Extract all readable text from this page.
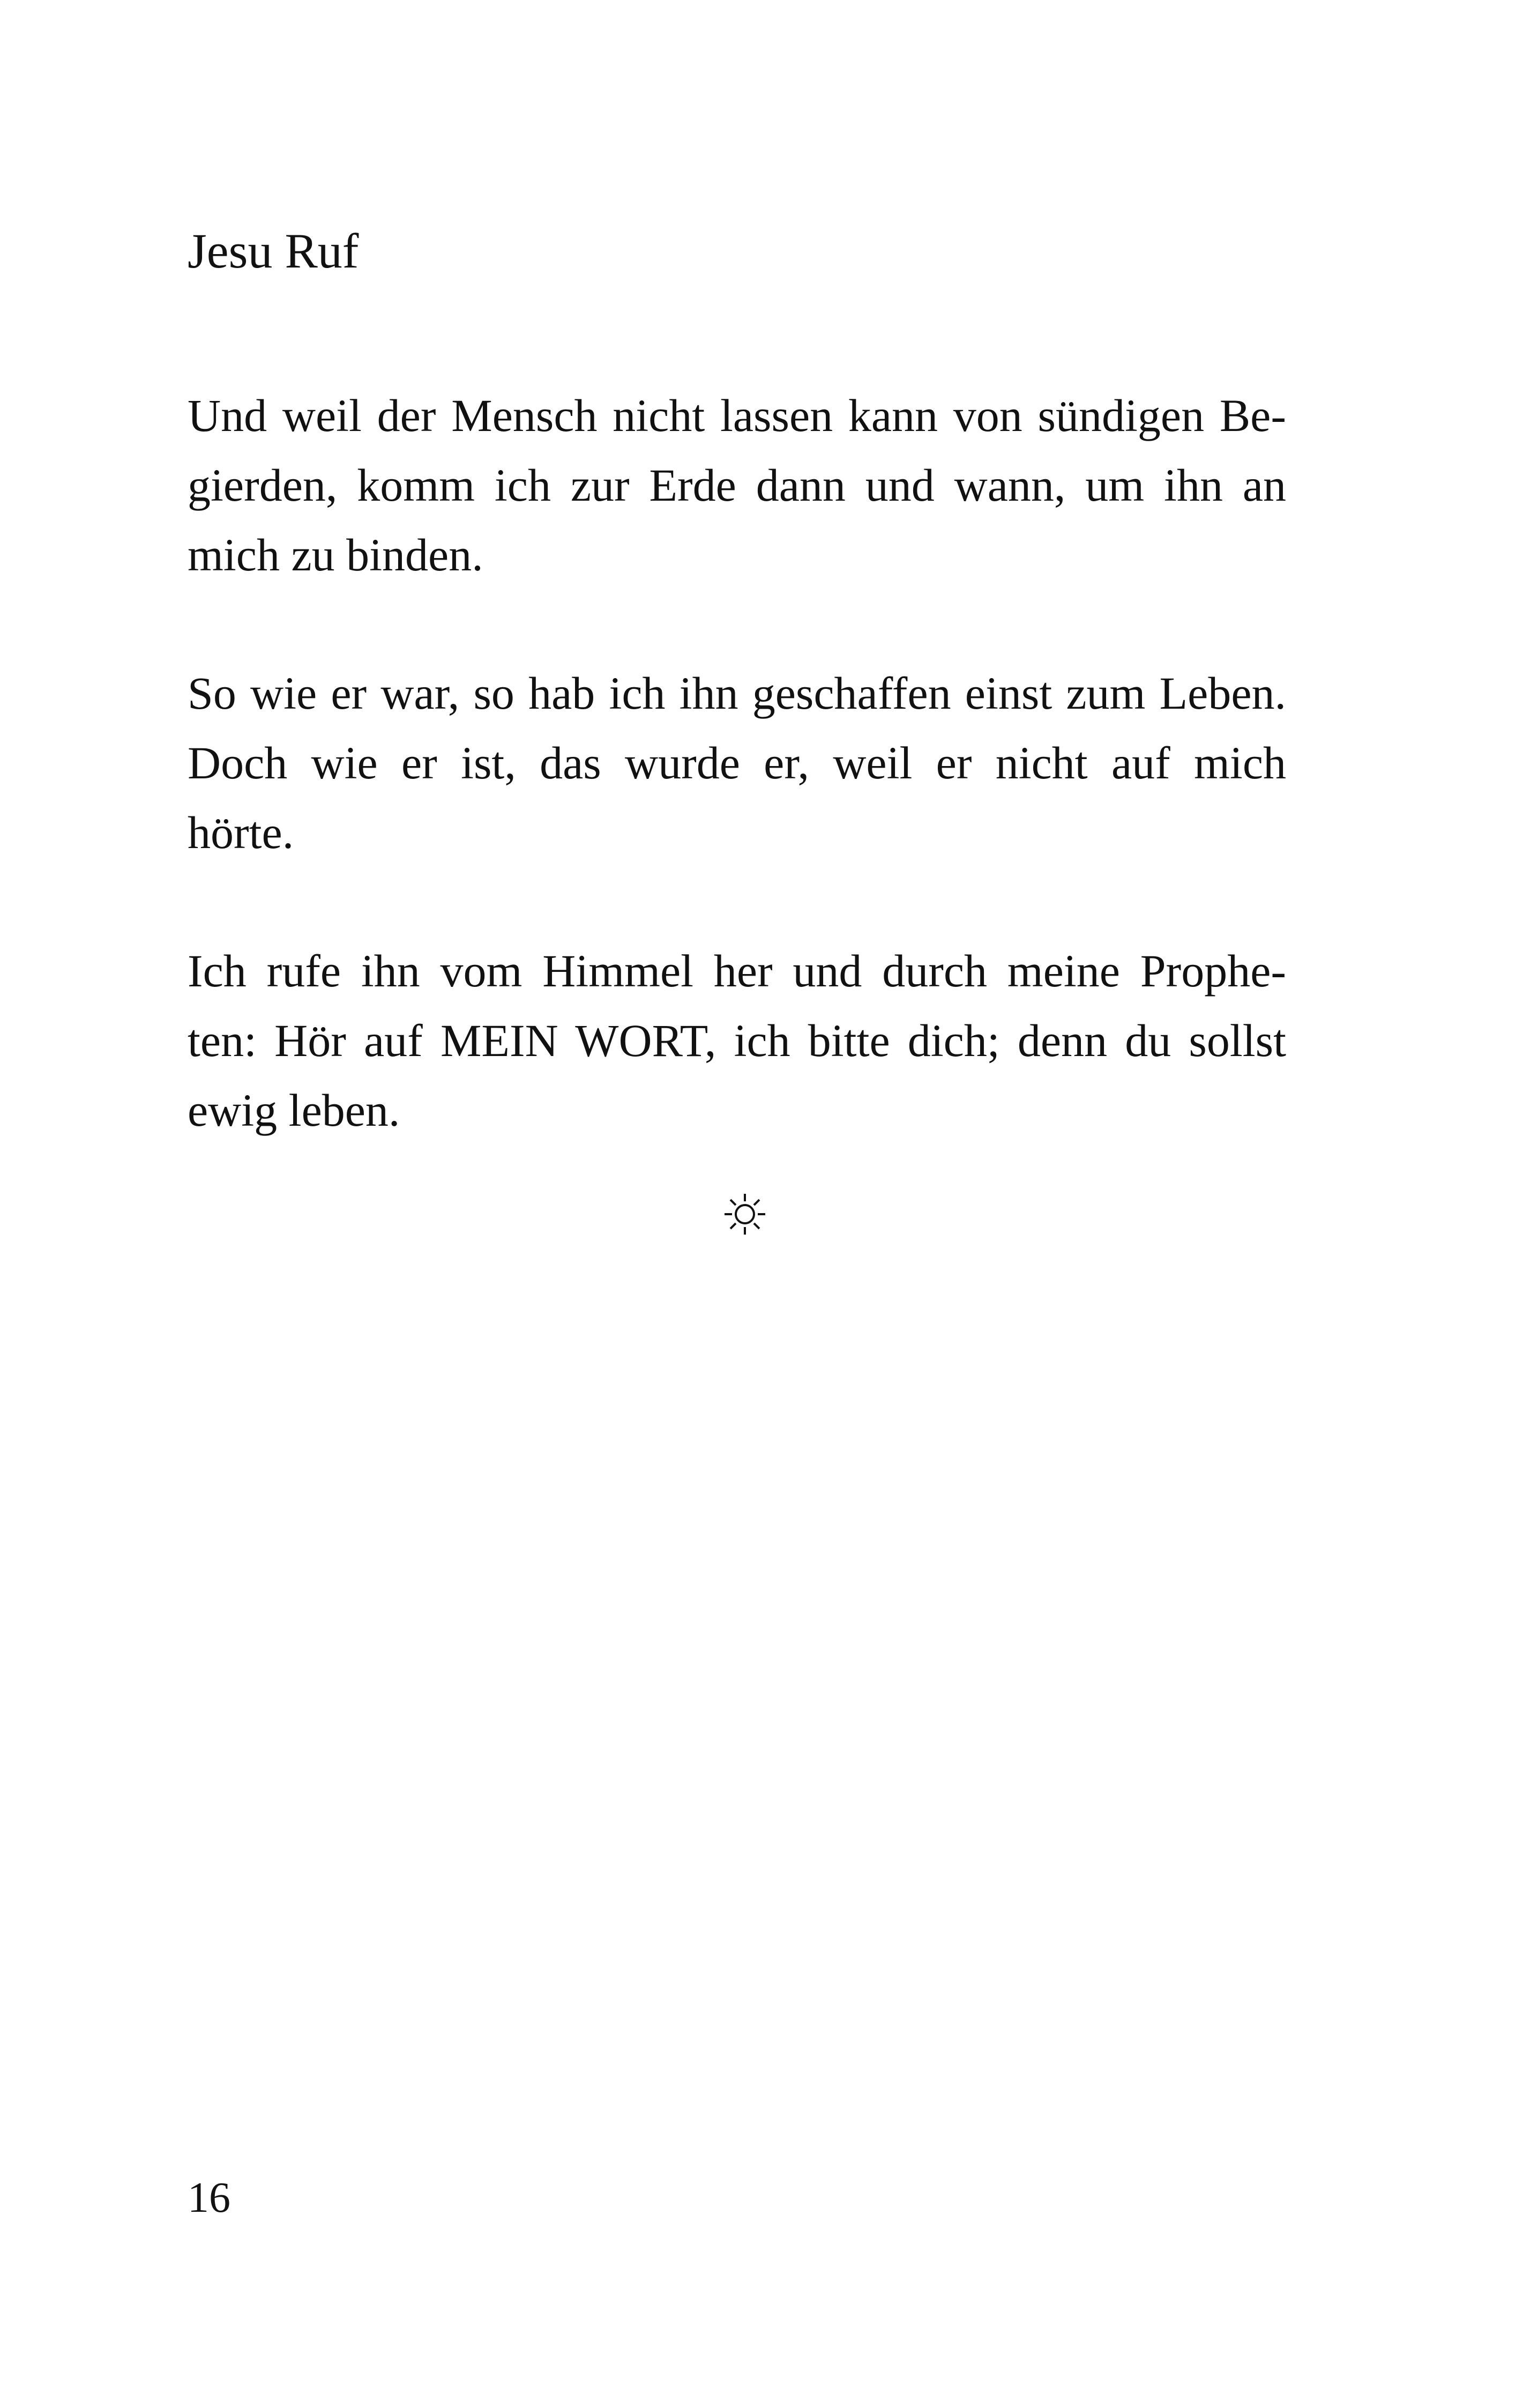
Jesu Ruf

Und weil der Mensch nicht lassen kann von sündigen Be-
gierden, komm ich zur Erde dann und wann, um ihn an
mich zu binden.

So wie er war, so hab ich ihn geschaffen einst zum Leben.
Doch wie er ist, das wurde er, weil er nicht auf mich
hörte.

Ich rufe ihn vom Himmel her und durch meine Prophe-
ten: Hör auf MEIN WORT, ich bitte dich; denn du sollst
ewig leben.

16
